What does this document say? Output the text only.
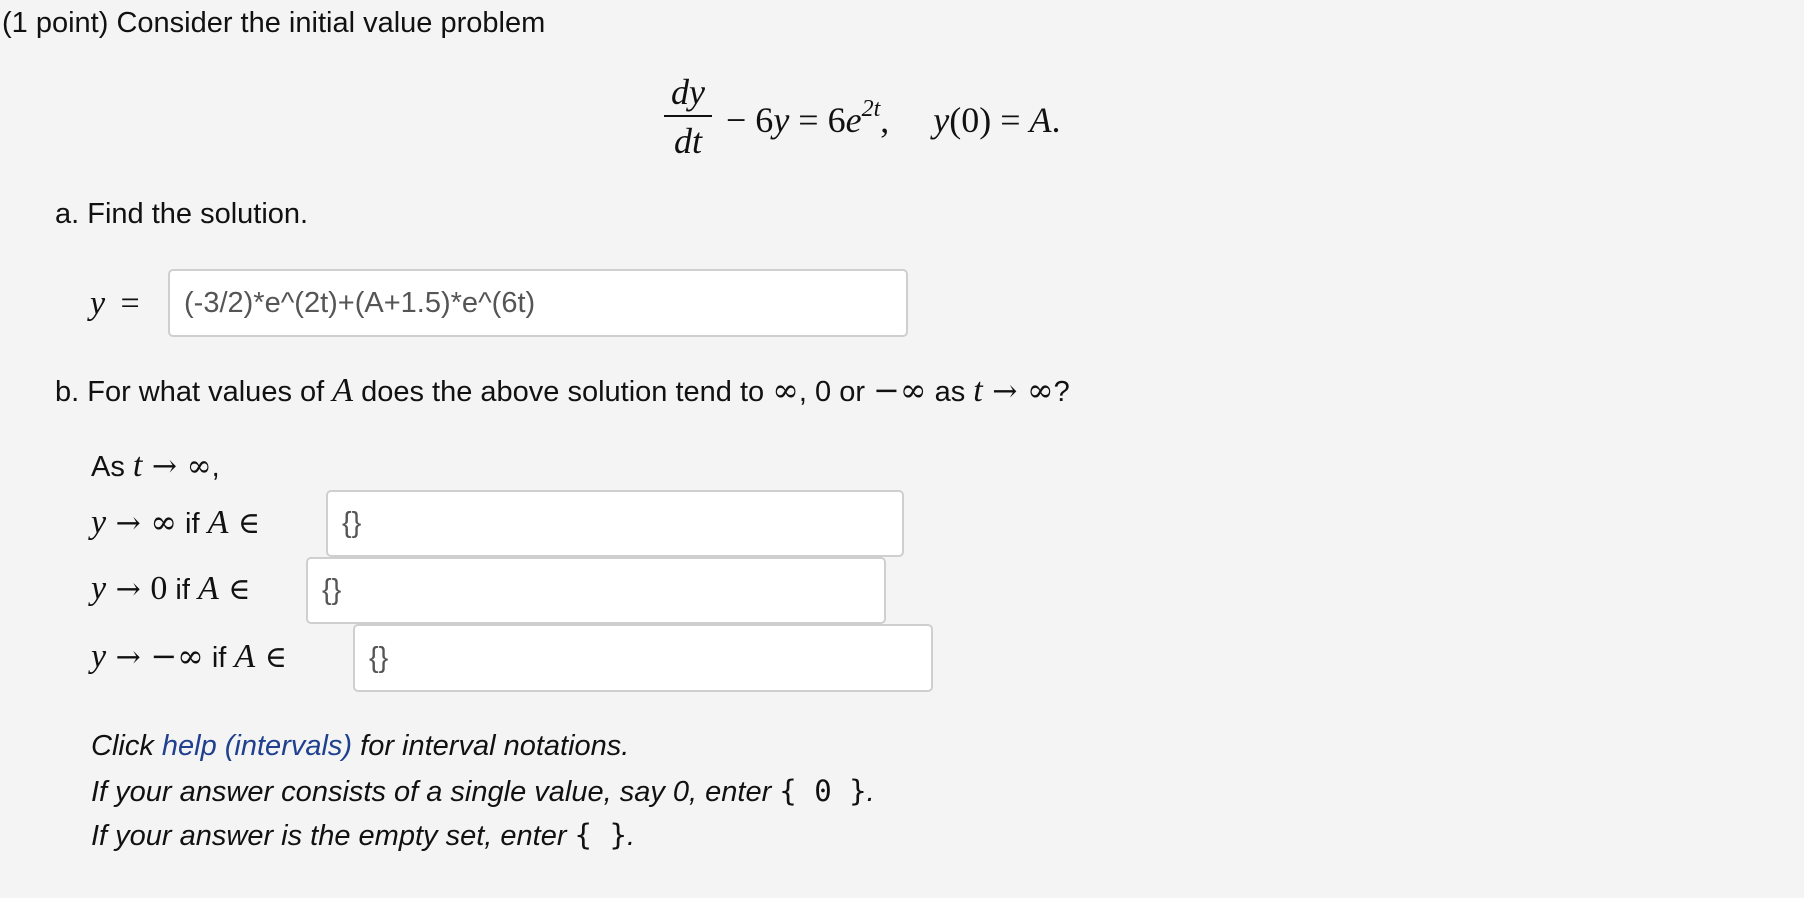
(1 point) Consider the initial value problem
dy
dt
− $6y = 6e^{2t}$, y(0) = A.
a. Find the solution.
y =	(-3/2)*e^(2t)+(A+1.5)*e^(6t)
b. For what values of A does the above solution tend to ∞, 0 or −∞ as t → ∞?
As t → ∞,
y → ∞ if A ∈	{}
y → 0 if A ∈	{}
y → −∞ if A ∈	{}
Click help (intervals) for interval notations.
If your answer consists of a single value, say 0, enter { 0 }.
If your answer is the empty set, enter { }.
